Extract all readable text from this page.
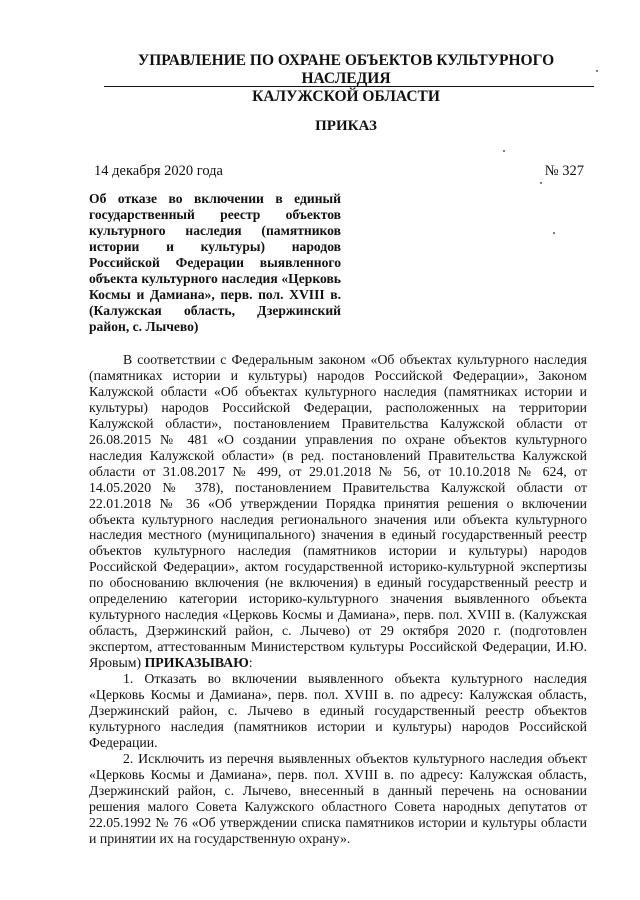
УПРАВЛЕНИЕ ПО ОХРАНЕ ОБЪЕКТОВ КУЛЬТУРНОГО НАСЛЕДИЯ
КАЛУЖСКОЙ ОБЛАСТИ
ПРИКАЗ
14 декабря 2020 года	№ 327
Об отказе во включении в единый государственный реестр объектов культурного наследия (памятников истории и культуры) народов Российской Федерации выявленного объекта культурного наследия «Церковь Космы и Дамиана», перв. пол. XVIII в. (Калужская область, Дзержинский район, с. Лычево)

В соответствии с Федеральным законом «Об объектах культурного наследия (памятниках истории и культуры) народов Российской Федерации», Законом Калужской области «Об объектах культурного наследия (памятниках истории и культуры) народов Российской Федерации, расположенных на территории Калужской области», постановлением Правительства Калужской области от 26.08.2015 № 481 «О создании управления по охране объектов культурного наследия Калужской области» (в ред. постановлений Правительства Калужской области от 31.08.2017 № 499, от 29.01.2018 № 56, от 10.10.2018 № 624, от 14.05.2020 № 378), постановлением Правительства Калужской области от 22.01.2018 № 36 «Об утверждении Порядка принятия решения о включении объекта культурного наследия регионального значения или объекта культурного наследия местного (муниципального) значения в единый государственный реестр объектов культурного наследия (памятников истории и культуры) народов Российской Федерации», актом государственной историко-культурной экспертизы по обоснованию включения (не включения) в единый государственный реестр и определению категории историко-культурного значения выявленного объекта культурного наследия «Церковь Космы и Дамиана», перв. пол. XVIII в. (Калужская область, Дзержинский район, с. Лычево) от 29 октября 2020 г. (подготовлен экспертом, аттестованным Министерством культуры Российской Федерации, И.Ю. Яровым) ПРИКАЗЫВАЮ:

1. Отказать во включении выявленного объекта культурного наследия «Церковь Космы и Дамиана», перв. пол. XVIII в. по адресу: Калужская область, Дзержинский район, с. Лычево в единый государственный реестр объектов культурного наследия (памятников истории и культуры) народов Российской Федерации.

2. Исключить из перечня выявленных объектов культурного наследия объект «Церковь Космы и Дамиана», перв. пол. XVIII в. по адресу: Калужская область, Дзержинский район, с. Лычево, внесенный в данный перечень на основании решения малого Совета Калужского областного Совета народных депутатов от 22.05.1992 № 76 «Об утверждении списка памятников истории и культуры области и принятии их на государственную охрану».
